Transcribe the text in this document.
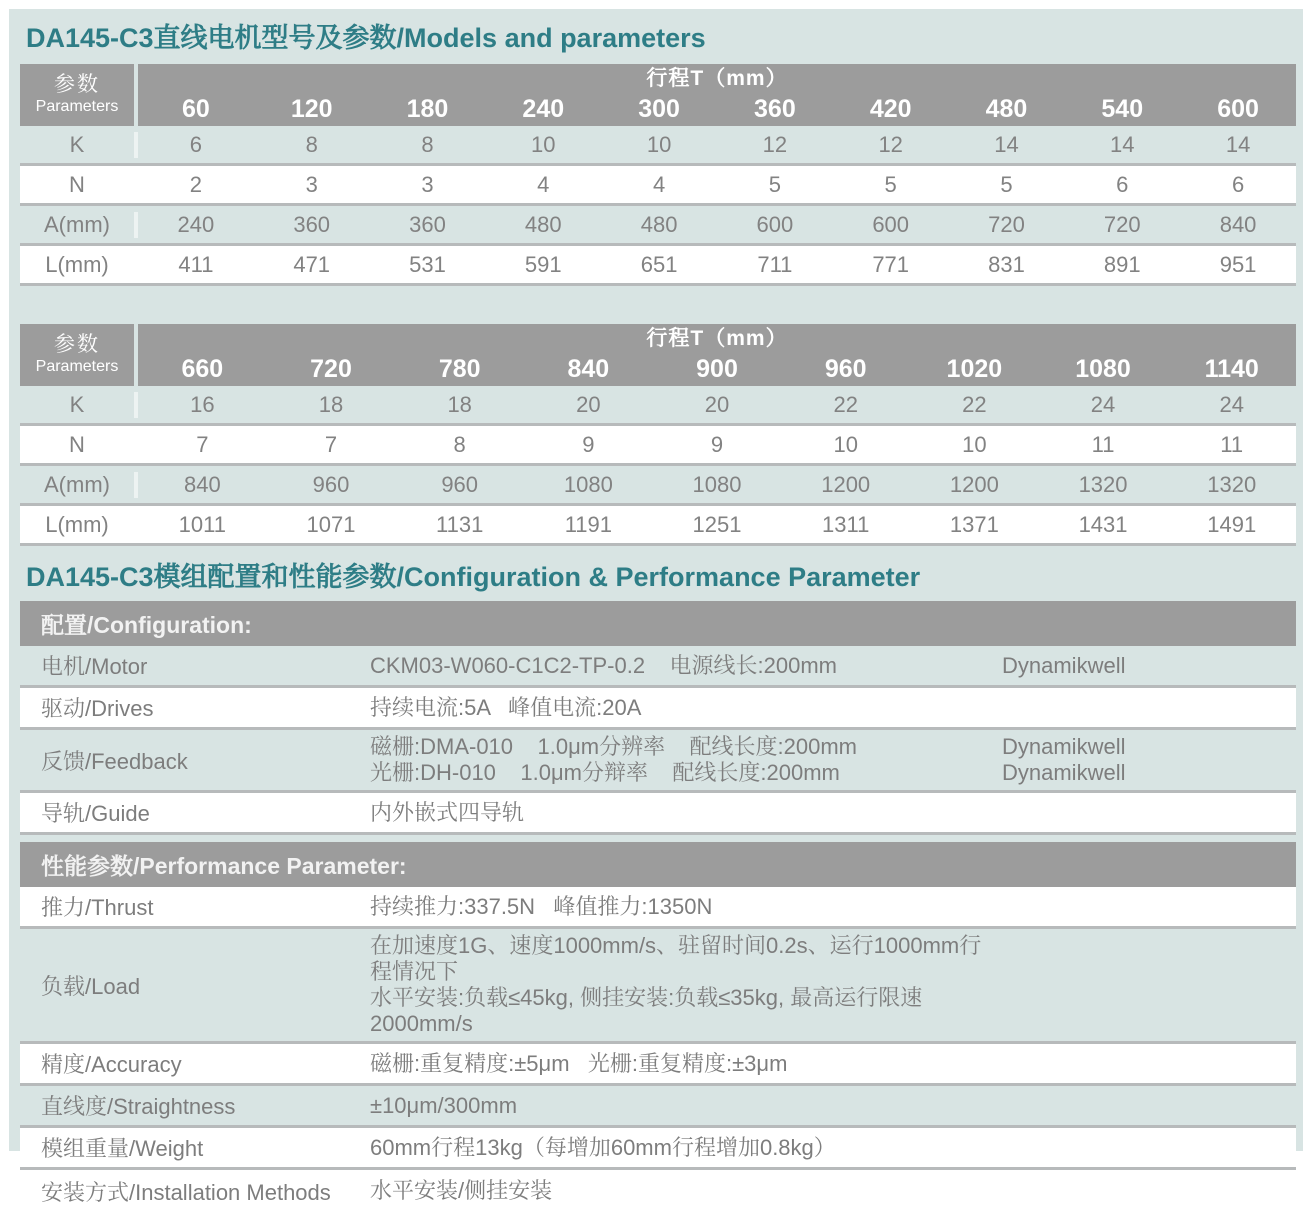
DA145-C3直线电机型号及参数/Models and parameters
参数
Parameters
行程T（mm）
60	120	180	240	300	360	420	480	540	600
K	6	8	8	10	10	12	12	14	14	14
N	2	3	3	4	4	5	5	5	6	6
A(mm)	240	360	360	480	480	600	600	720	720	840
L(mm)	411	471	531	591	651	711	771	831	891	951
参数
Parameters
行程T（mm）
660	720	780	840	900	960	1020	1080	1140
K	16	18	18	20	20	22	22	24	24
N	7	7	8	9	9	10	10	11	11
A(mm)	840	960	960	1080	1080	1200	1200	1320	1320
L(mm)	1011	1071	1131	1191	1251	1311	1371	1431	1491
DA145-C3模组配置和性能参数/Configuration & Performance Parameter
配置/Configuration:
电机/Motor	CKM03-W060-C1C2-TP-0.2    电源线长:200mm	Dynamikwell
驱动/Drives	持续电流:5A   峰值电流:20A
反馈/Feedback
磁栅:DMA-010    1.0μm分辨率    配线长度:200mm	Dynamikwell
光栅:DH-010    1.0μm分辩率    配线长度:200mm	Dynamikwell
导轨/Guide	内外嵌式四导轨
性能参数/Performance Parameter:
推力/Thrust	持续推力:337.5N   峰值推力:1350N
负载/Load
在加速度1G、速度1000mm/s、驻留时间0.2s、运行1000mm行程情况下
水平安装:负载≤45kg, 侧挂安装:负载≤35kg, 最高运行限速2000mm/s
精度/Accuracy	磁栅:重复精度:±5μm   光栅:重复精度:±3μm
直线度/Straightness	±10μm/300mm
模组重量/Weight	60mm行程13kg（每增加60mm行程增加0.8kg）
安装方式/Installation Methods	水平安装/侧挂安装
